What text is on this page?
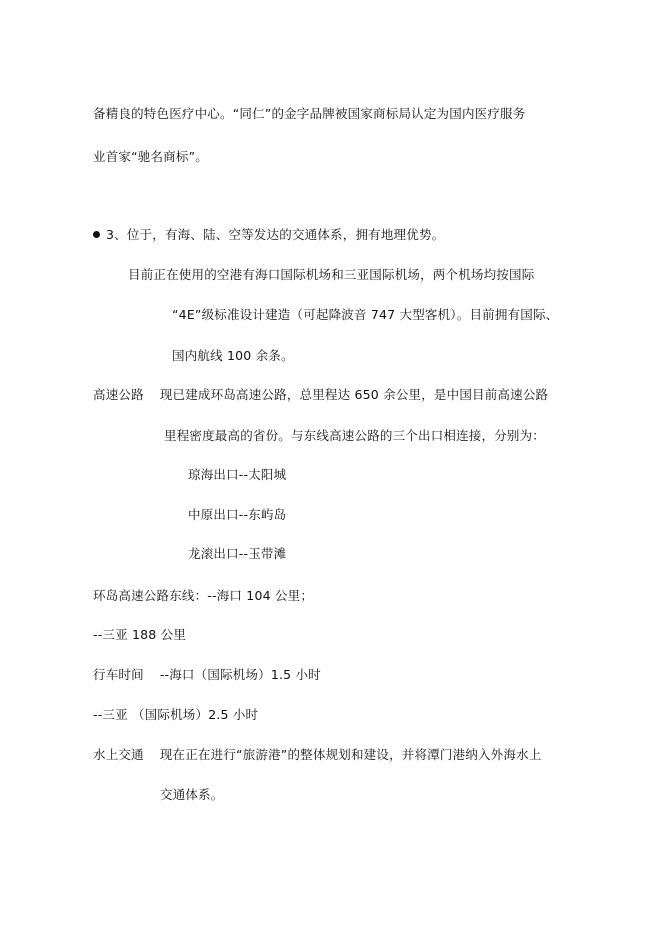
备精良的特色医疗中心。“同仁”的金字品牌被国家商标局认定为国内医疗服务
业首家“驰名商标”。
3、位于，有海、陆、空等发达的交通体系，拥有地理优势。
目前正在使用的空港有海口国际机场和三亚国际机场，两个机场均按国际
“4E”级标准设计建造（可起降波音 747 大型客机）。目前拥有国际、
国内航线 100 余条。
高速公路 现已建成环岛高速公路，总里程达 650 余公里，是中国目前高速公路
里程密度最高的省份。与东线高速公路的三个出口相连接，分别为：
琼海出口--太阳城
中原出口--东屿岛
龙滚出口--玉带滩
环岛高速公路东线：--海口 104 公里；
--三亚 188 公里
行车时间 --海口（国际机场）1.5 小时
--三亚 （国际机场）2.5 小时
水上交通 现在正在进行“旅游港”的整体规划和建设，并将潭门港纳入外海水上
交通体系。
